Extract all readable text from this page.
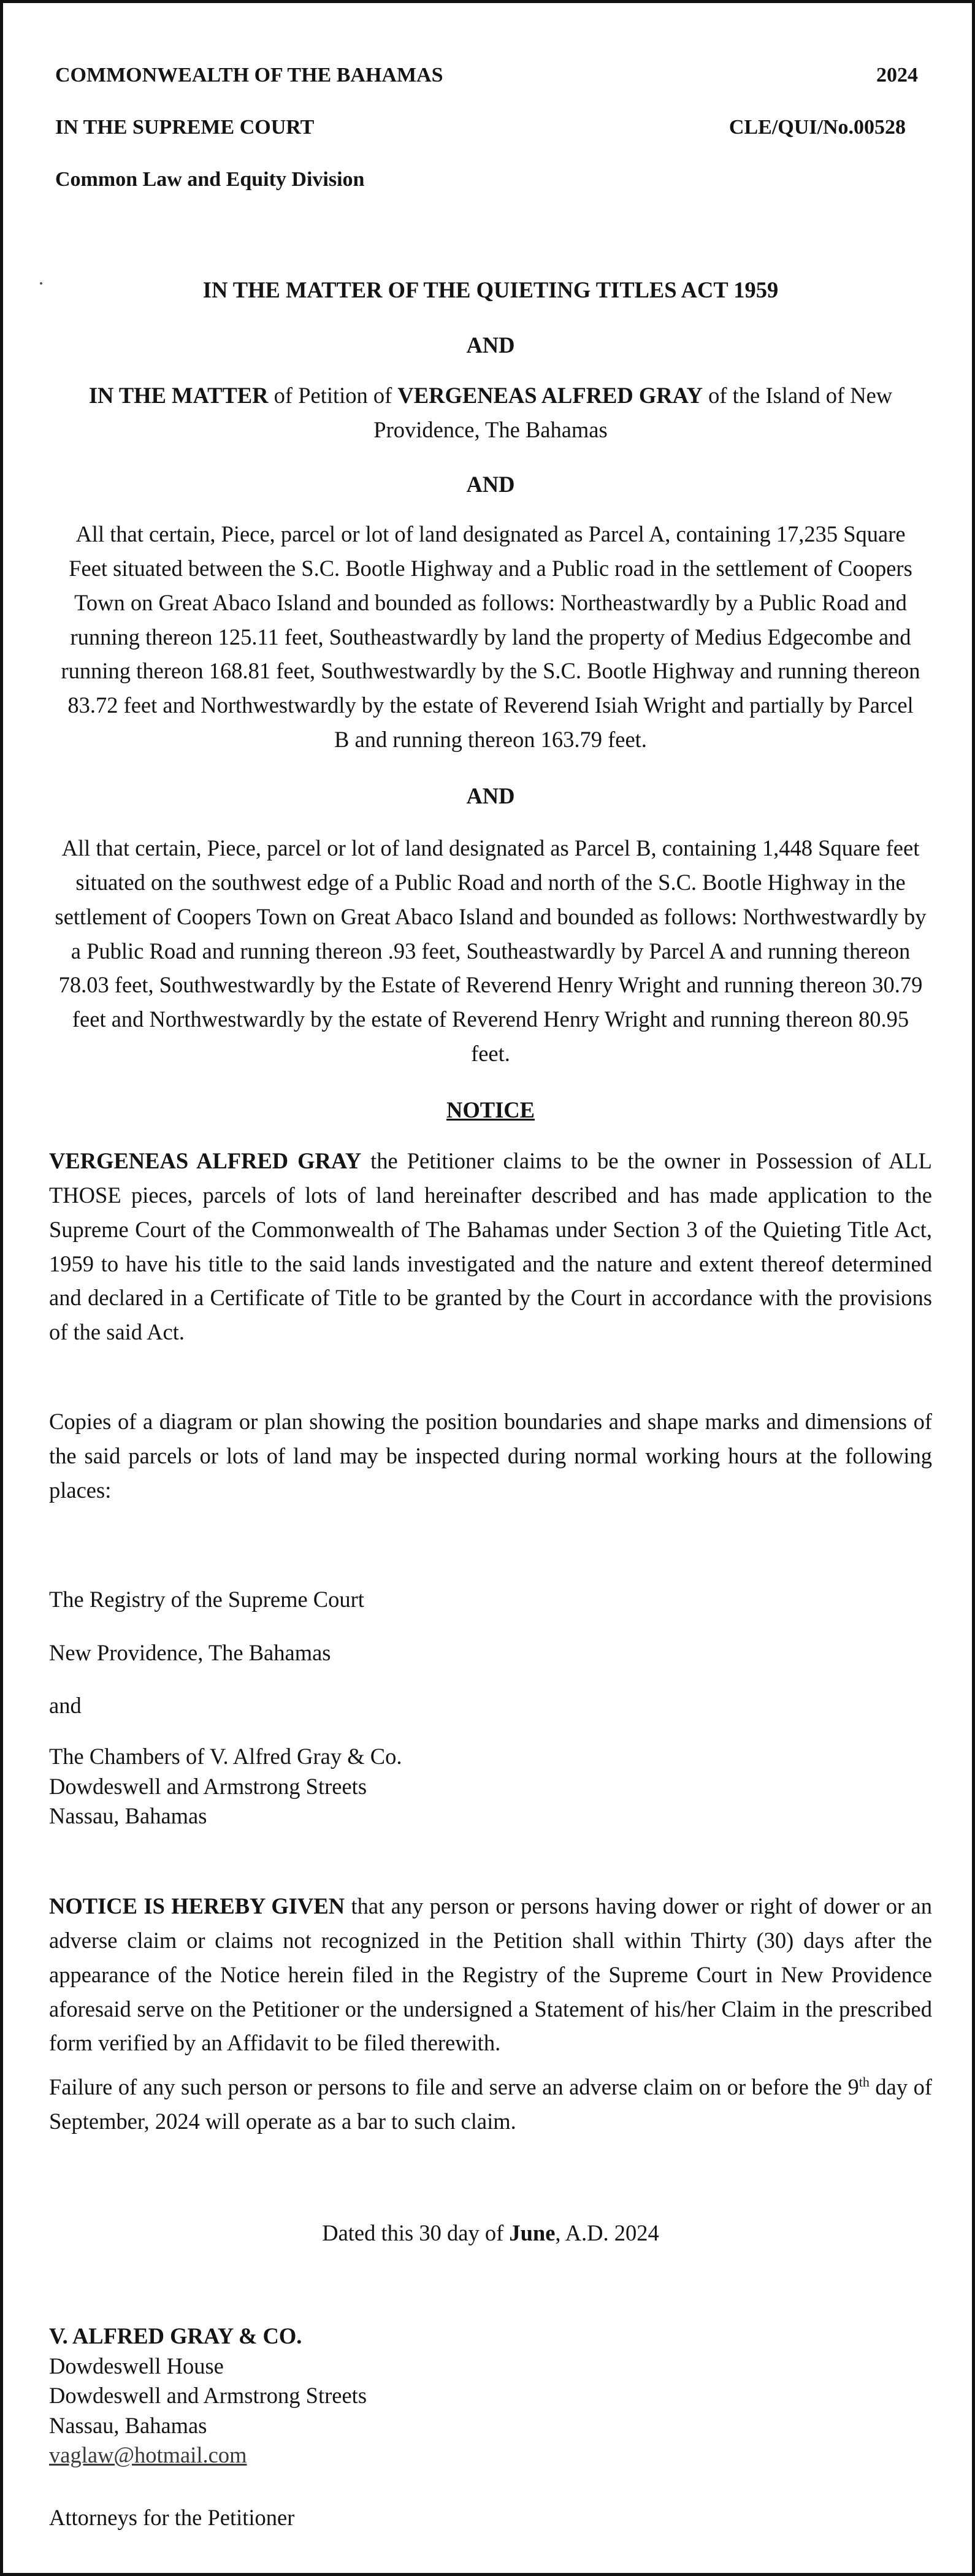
COMMONWEALTH OF THE BAHAMAS	2024
IN THE SUPREME COURT	CLE/QUI/No.00528
Common Law and Equity Division
IN THE MATTER OF THE QUIETING TITLES ACT 1959
AND
IN THE MATTER of Petition of VERGENEAS ALFRED GRAY of the Island of New Providence, The Bahamas
AND
All that certain, Piece, parcel or lot of land designated as Parcel A, containing 17,235 Square Feet situated between the S.C. Bootle Highway and a Public road in the settlement of Coopers Town on Great Abaco Island and bounded as follows: Northeastwardly by a Public Road and running thereon 125.11 feet, Southeastwardly by land the property of Medius Edgecombe and running thereon 168.81 feet, Southwestwardly by the S.C. Bootle Highway and running thereon 83.72 feet and Northwestwardly by the estate of Reverend Isiah Wright and partially by Parcel B and running thereon 163.79 feet.
AND
All that certain, Piece, parcel or lot of land designated as Parcel B, containing 1,448 Square feet situated on the southwest edge of a Public Road and north of the S.C. Bootle Highway in the settlement of Coopers Town on Great Abaco Island and bounded as follows: Northwestwardly by a Public Road and running thereon .93 feet, Southeastwardly by Parcel A and running thereon 78.03 feet, Southwestwardly by the Estate of Reverend Henry Wright and running thereon 30.79 feet and Northwestwardly by the estate of Reverend Henry Wright and running thereon 80.95 feet.
NOTICE
VERGENEAS ALFRED GRAY the Petitioner claims to be the owner in Possession of ALL THOSE pieces, parcels of lots of land hereinafter described and has made application to the Supreme Court of the Commonwealth of The Bahamas under Section 3 of the Quieting Title Act, 1959 to have his title to the said lands investigated and the nature and extent thereof determined and declared in a Certificate of Title to be granted by the Court in accordance with the provisions of the said Act.
Copies of a diagram or plan showing the position boundaries and shape marks and dimensions of the said parcels or lots of land may be inspected during normal working hours at the following places:
The Registry of the Supreme Court
New Providence, The Bahamas
and
The Chambers of V. Alfred Gray & Co.
Dowdeswell and Armstrong Streets
Nassau, Bahamas
NOTICE IS HEREBY GIVEN that any person or persons having dower or right of dower or an adverse claim or claims not recognized in the Petition shall within Thirty (30) days after the appearance of the Notice herein filed in the Registry of the Supreme Court in New Providence aforesaid serve on the Petitioner or the undersigned a Statement of his/her Claim in the prescribed form verified by an Affidavit to be filed therewith.
Failure of any such person or persons to file and serve an adverse claim on or before the 9th day of September, 2024 will operate as a bar to such claim.
Dated this 30 day of June, A.D. 2024
V. ALFRED GRAY & CO.
Dowdeswell House
Dowdeswell and Armstrong Streets
Nassau, Bahamas
vaglaw@hotmail.com
Attorneys for the Petitioner
